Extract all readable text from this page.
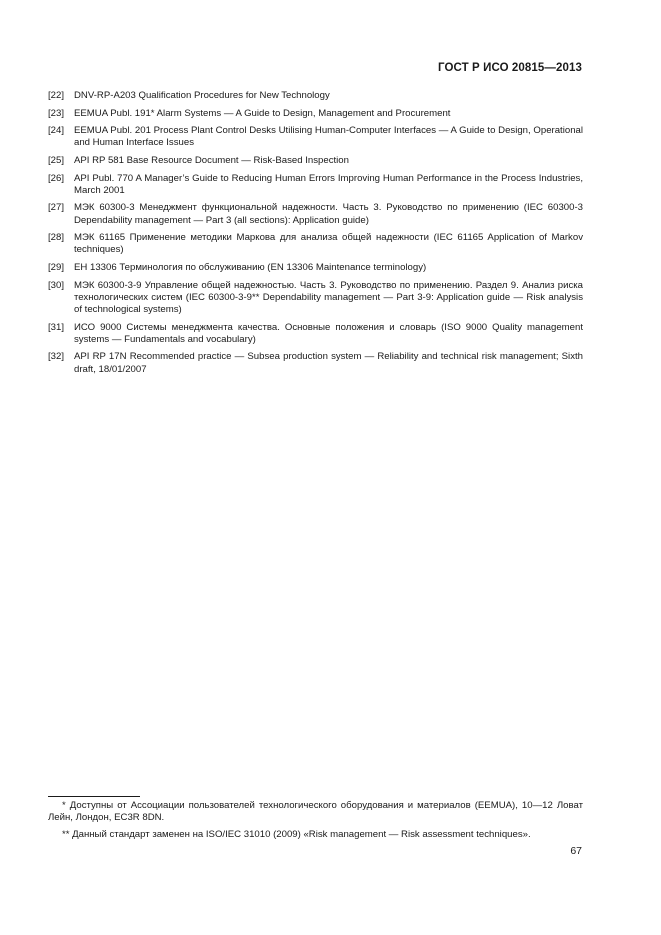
ГОСТ Р ИСО 20815—2013
[22]	DNV-RP-A203 Qualification Procedures for New Technology
[23]	EEMUA Publ. 191* Alarm Systems — A Guide to Design, Management and Procurement
[24]	EEMUA Publ. 201 Process Plant Control Desks Utilising Human-Computer Interfaces — A Guide to Design, Operational and Human Interface Issues
[25]	API RP 581 Base Resource Document — Risk-Based Inspection
[26]	API Publ. 770 A Manager’s Guide to Reducing Human Errors Improving Human Performance in the Process Industries, March 2001
[27]	МЭК 60300-3 Менеджмент функциональной надежности. Часть 3. Руководство по применению (IEC 60300-3 Dependability management — Part 3 (all sections): Application guide)
[28]	МЭК 61165 Применение методики Маркова для анализа общей надежности (IEC 61165 Application of Markov techniques)
[29]	ЕН 13306 Терминология по обслуживанию (EN 13306 Maintenance terminology)
[30]	МЭК 60300-3-9 Управление общей надежностью. Часть 3. Руководство по применению. Раздел 9. Анализ риска технологических систем (IEC 60300-3-9** Dependability management — Part 3-9: Application guide — Risk analysis of technological systems)
[31]	ИСО 9000 Системы менеджмента качества. Основные положения и словарь (ISO 9000 Quality management systems — Fundamentals and vocabulary)
[32]	API RP 17N Recommended practice — Subsea production system — Reliability and technical risk management; Sixth draft, 18/01/2007
* Доступны от Ассоциации пользователей технологического оборудования и материалов (EEMUA), 10—12 Ловат Лейн, Лондон, EC3R 8DN.
** Данный стандарт заменен на ISO/IEC 31010 (2009) «Risk management — Risk assessment techniques».
67
